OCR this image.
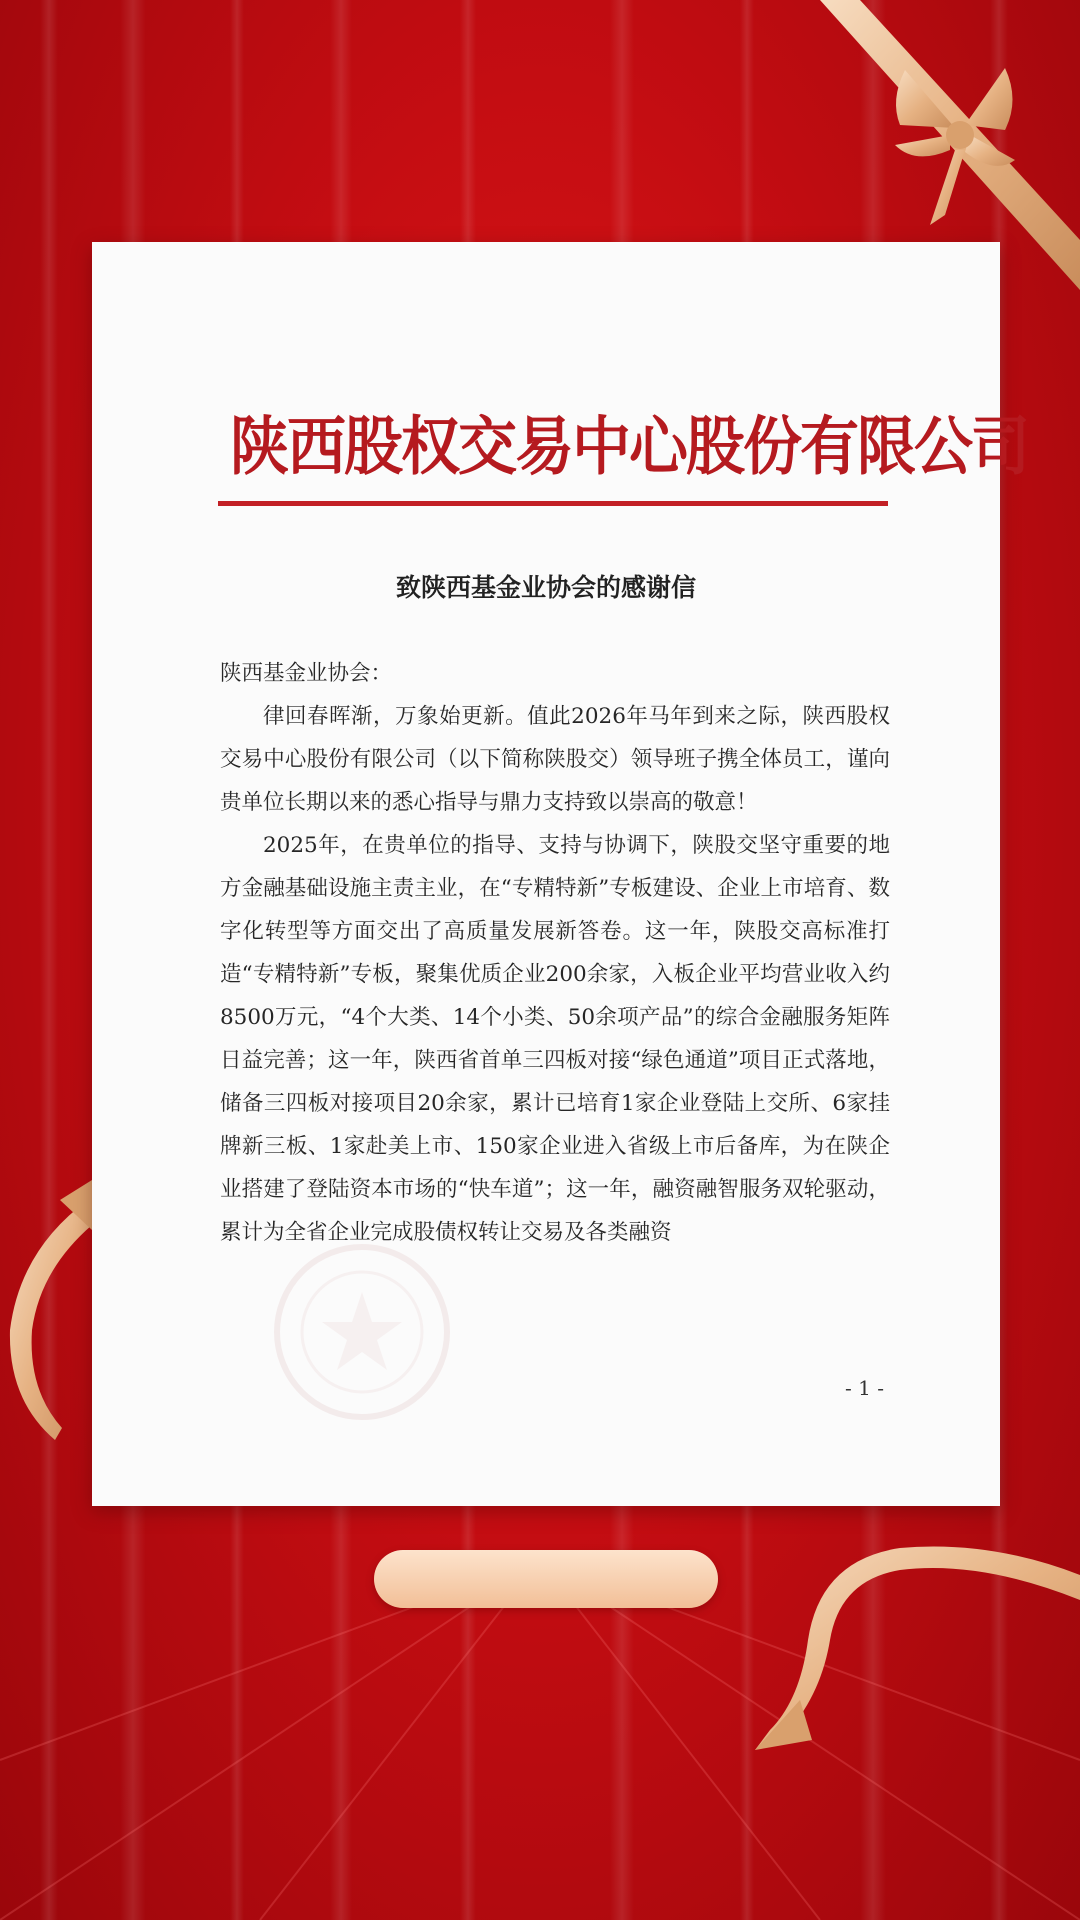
陕西股权交易中心股份有限公司
致陕西基金业协会的感谢信

陕西基金业协会：

律回春晖渐，万象始更新。值此2026年马年到来之际，陕西股权交易中心股份有限公司（以下简称陕股交）领导班子携全体员工，谨向贵单位长期以来的悉心指导与鼎力支持致以崇高的敬意！

2025年，在贵单位的指导、支持与协调下，陕股交坚守重要的地方金融基础设施主责主业，在“专精特新”专板建设、企业上市培育、数字化转型等方面交出了高质量发展新答卷。这一年，陕股交高标准打造“专精特新”专板，聚集优质企业200余家，入板企业平均营业收入约8500万元，“4个大类、14个小类、50余项产品”的综合金融服务矩阵日益完善；这一年，陕西省首单三四板对接“绿色通道”项目正式落地，储备三四板对接项目20余家，累计已培育1家企业登陆上交所、6家挂牌新三板、1家赴美上市、150家企业进入省级上市后备库，为在陕企业搭建了登陆资本市场的“快车道”；这一年，融资融智服务双轮驱动，累计为全省企业完成股债权转让交易及各类融资

- 1 -
